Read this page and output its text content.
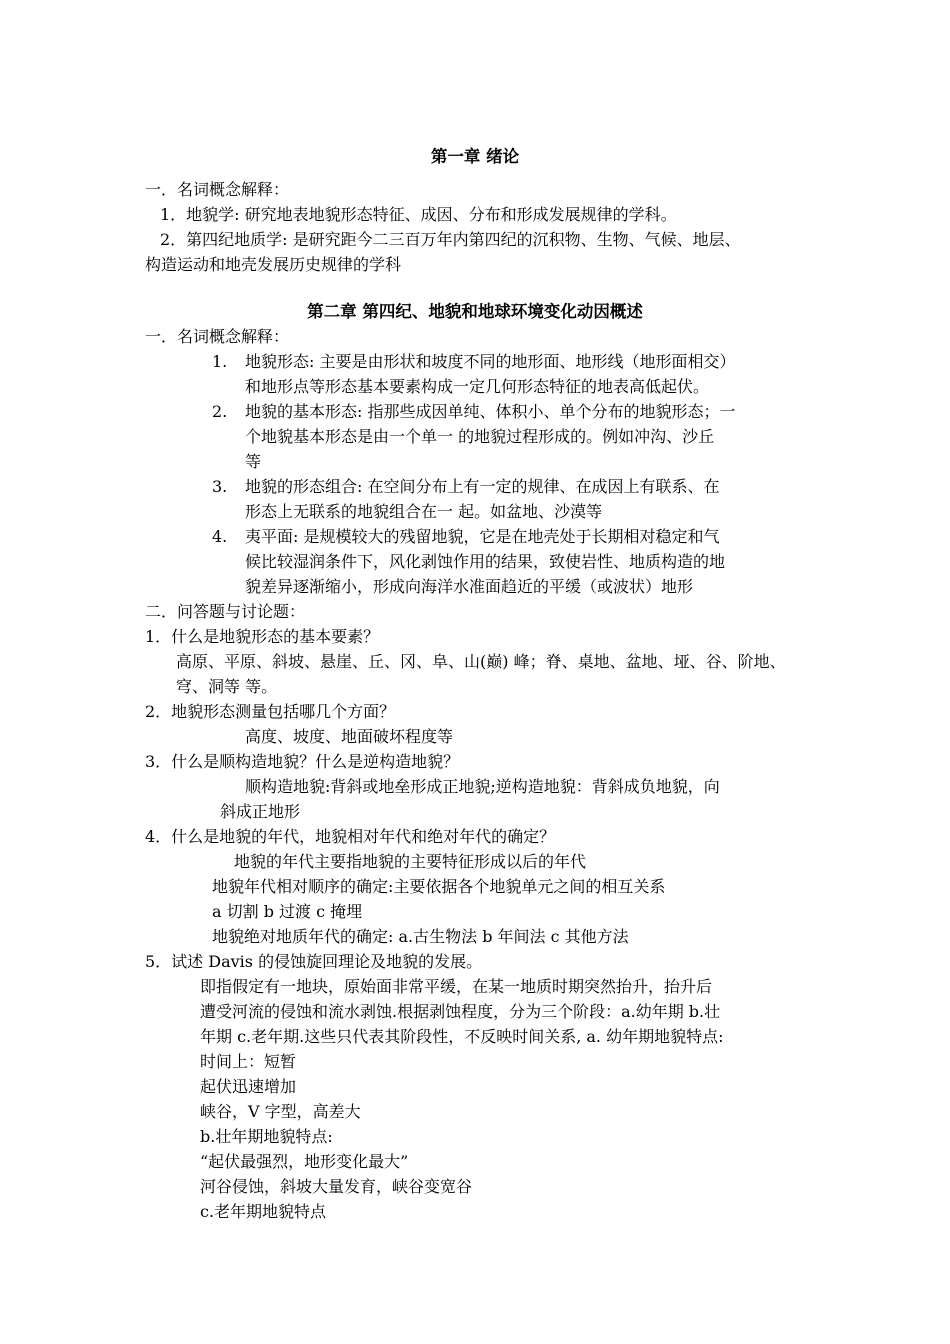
第一章 绪论
一．名词概念解释：
1．地貌学: 研究地表地貌形态特征、成因、分布和形成发展规律的学科。
2．第四纪地质学: 是研究距今二三百万年内第四纪的沉积物、生物、气候、地层、
构造运动和地壳发展历史规律的学科
第二章 第四纪、地貌和地球环境变化动因概述
一．名词概念解释：
1. 地貌形态: 主要是由形状和坡度不同的地形面、地形线（地形面相交）
和地形点等形态基本要素构成一定几何形态特征的地表高低起伏。
2. 地貌的基本形态: 指那些成因单纯、体积小、单个分布的地貌形态；一
个地貌基本形态是由一个单一 的地貌过程形成的。例如冲沟、沙丘
等
3. 地貌的形态组合: 在空间分布上有一定的规律、在成因上有联系、在
形态上无联系的地貌组合在一 起。如盆地、沙漠等
4. 夷平面: 是规模较大的残留地貌，它是在地壳处于长期相对稳定和气
候比较湿润条件下，风化剥蚀作用的结果，致使岩性、地质构造的地
貌差异逐渐缩小，形成向海洋水准面趋近的平缓（或波状）地形
二．问答题与讨论题：
1．什么是地貌形态的基本要素？
高原、平原、斜坡、悬崖、丘、冈、阜、山(巅) 峰；脊、桌地、盆地、垭、谷、阶地、
穹、洞等 等。
2．地貌形态测量包括哪几个方面？
高度、坡度、地面破坏程度等
3．什么是顺构造地貌？什么是逆构造地貌？
顺构造地貌:背斜或地垒形成正地貌;逆构造地貌：背斜成负地貌，向
斜成正地形
4．什么是地貌的年代，地貌相对年代和绝对年代的确定？
地貌的年代主要指地貌的主要特征形成以后的年代
地貌年代相对顺序的确定:主要依据各个地貌单元之间的相互关系
a 切割 b 过渡 c 掩埋
地貌绝对地质年代的确定: a.古生物法 b 年间法 c 其他方法
5．试述 Davis 的侵蚀旋回理论及地貌的发展。
即指假定有一地块，原始面非常平缓，在某一地质时期突然抬升，抬升后
遭受河流的侵蚀和流水剥蚀.根据剥蚀程度，分为三个阶段：a.幼年期 b.壮
年期 c.老年期.这些只代表其阶段性，不反映时间关系, a. 幼年期地貌特点:
时间上：短暂
起伏迅速增加
峡谷，V 字型，高差大
b.壮年期地貌特点:
“起伏最强烈，地形变化最大”
河谷侵蚀，斜坡大量发育，峡谷变宽谷
c.老年期地貌特点
